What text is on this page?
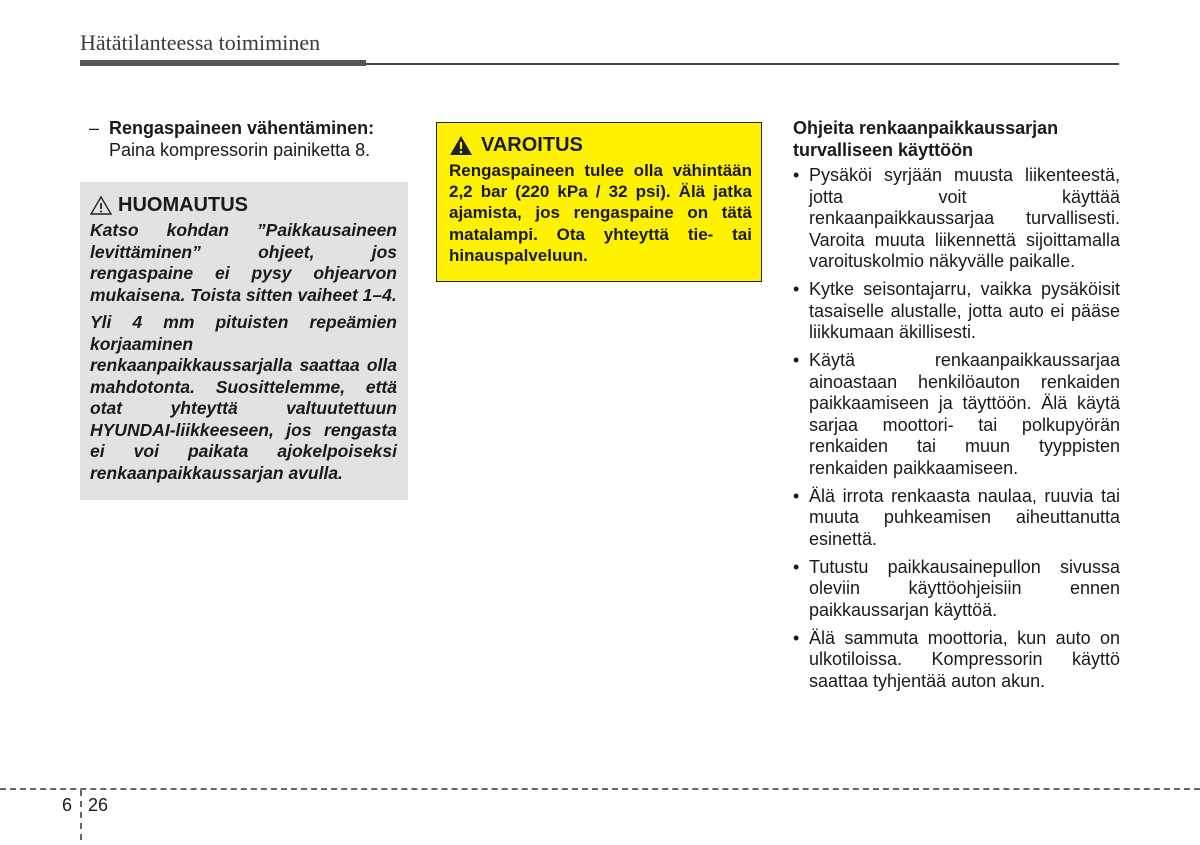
Hätätilanteessa toimiminen
– Rengaspaineen vähentäminen:
Paina kompressorin painiketta 8.
HUOMAUTUS

Katso kohdan ”Paikkausaineen levittäminen” ohjeet, jos rengaspaine ei pysy ohjearvon mukaisena. Toista sitten vaiheet 1–4.

Yli 4 mm pituisten repeämien korjaaminen renkaanpaikkaussarjalla saattaa olla mahdotonta. Suosittelemme, että otat yhteyttä valtuutettuun HYUNDAI-liikkeeseen, jos rengasta ei voi paikata ajokelpoiseksi renkaanpaikkaussarjan avulla.

VAROITUS

Rengaspaineen tulee olla vähintään 2,2 bar (220 kPa / 32 psi). Älä jatka ajamista, jos rengaspaine on tätä matalampi. Ota yhteyttä tie- tai hinauspalveluun.

Ohjeita renkaanpaikkaussarjan turvalliseen käyttöön

• Pysäköi syrjään muusta liikenteestä, jotta voit käyttää renkaanpaikkaussarjaa turvallisesti. Varoita muuta liikennettä sijoittamalla varoituskolmio näkyvälle paikalle.
• Kytke seisontajarru, vaikka pysäköisit tasaiselle alustalle, jotta auto ei pääse liikkumaan äkillisesti.
• Käytä renkaanpaikkaussarjaa ainoastaan henkilöauton renkaiden paikkaamiseen ja täyttöön. Älä käytä sarjaa moottori- tai polkupyörän renkaiden tai muun tyyppisten renkaiden paikkaamiseen.
• Älä irrota renkaasta naulaa, ruuvia tai muuta puhkeamisen aiheuttanutta esinettä.
• Tutustu paikkausainepullon sivussa oleviin käyttöohjeisiin ennen paikkaussarjan käyttöä.
• Älä sammuta moottoria, kun auto on ulkotiloissa. Kompressorin käyttö saattaa tyhjentää auton akun.
6 26
